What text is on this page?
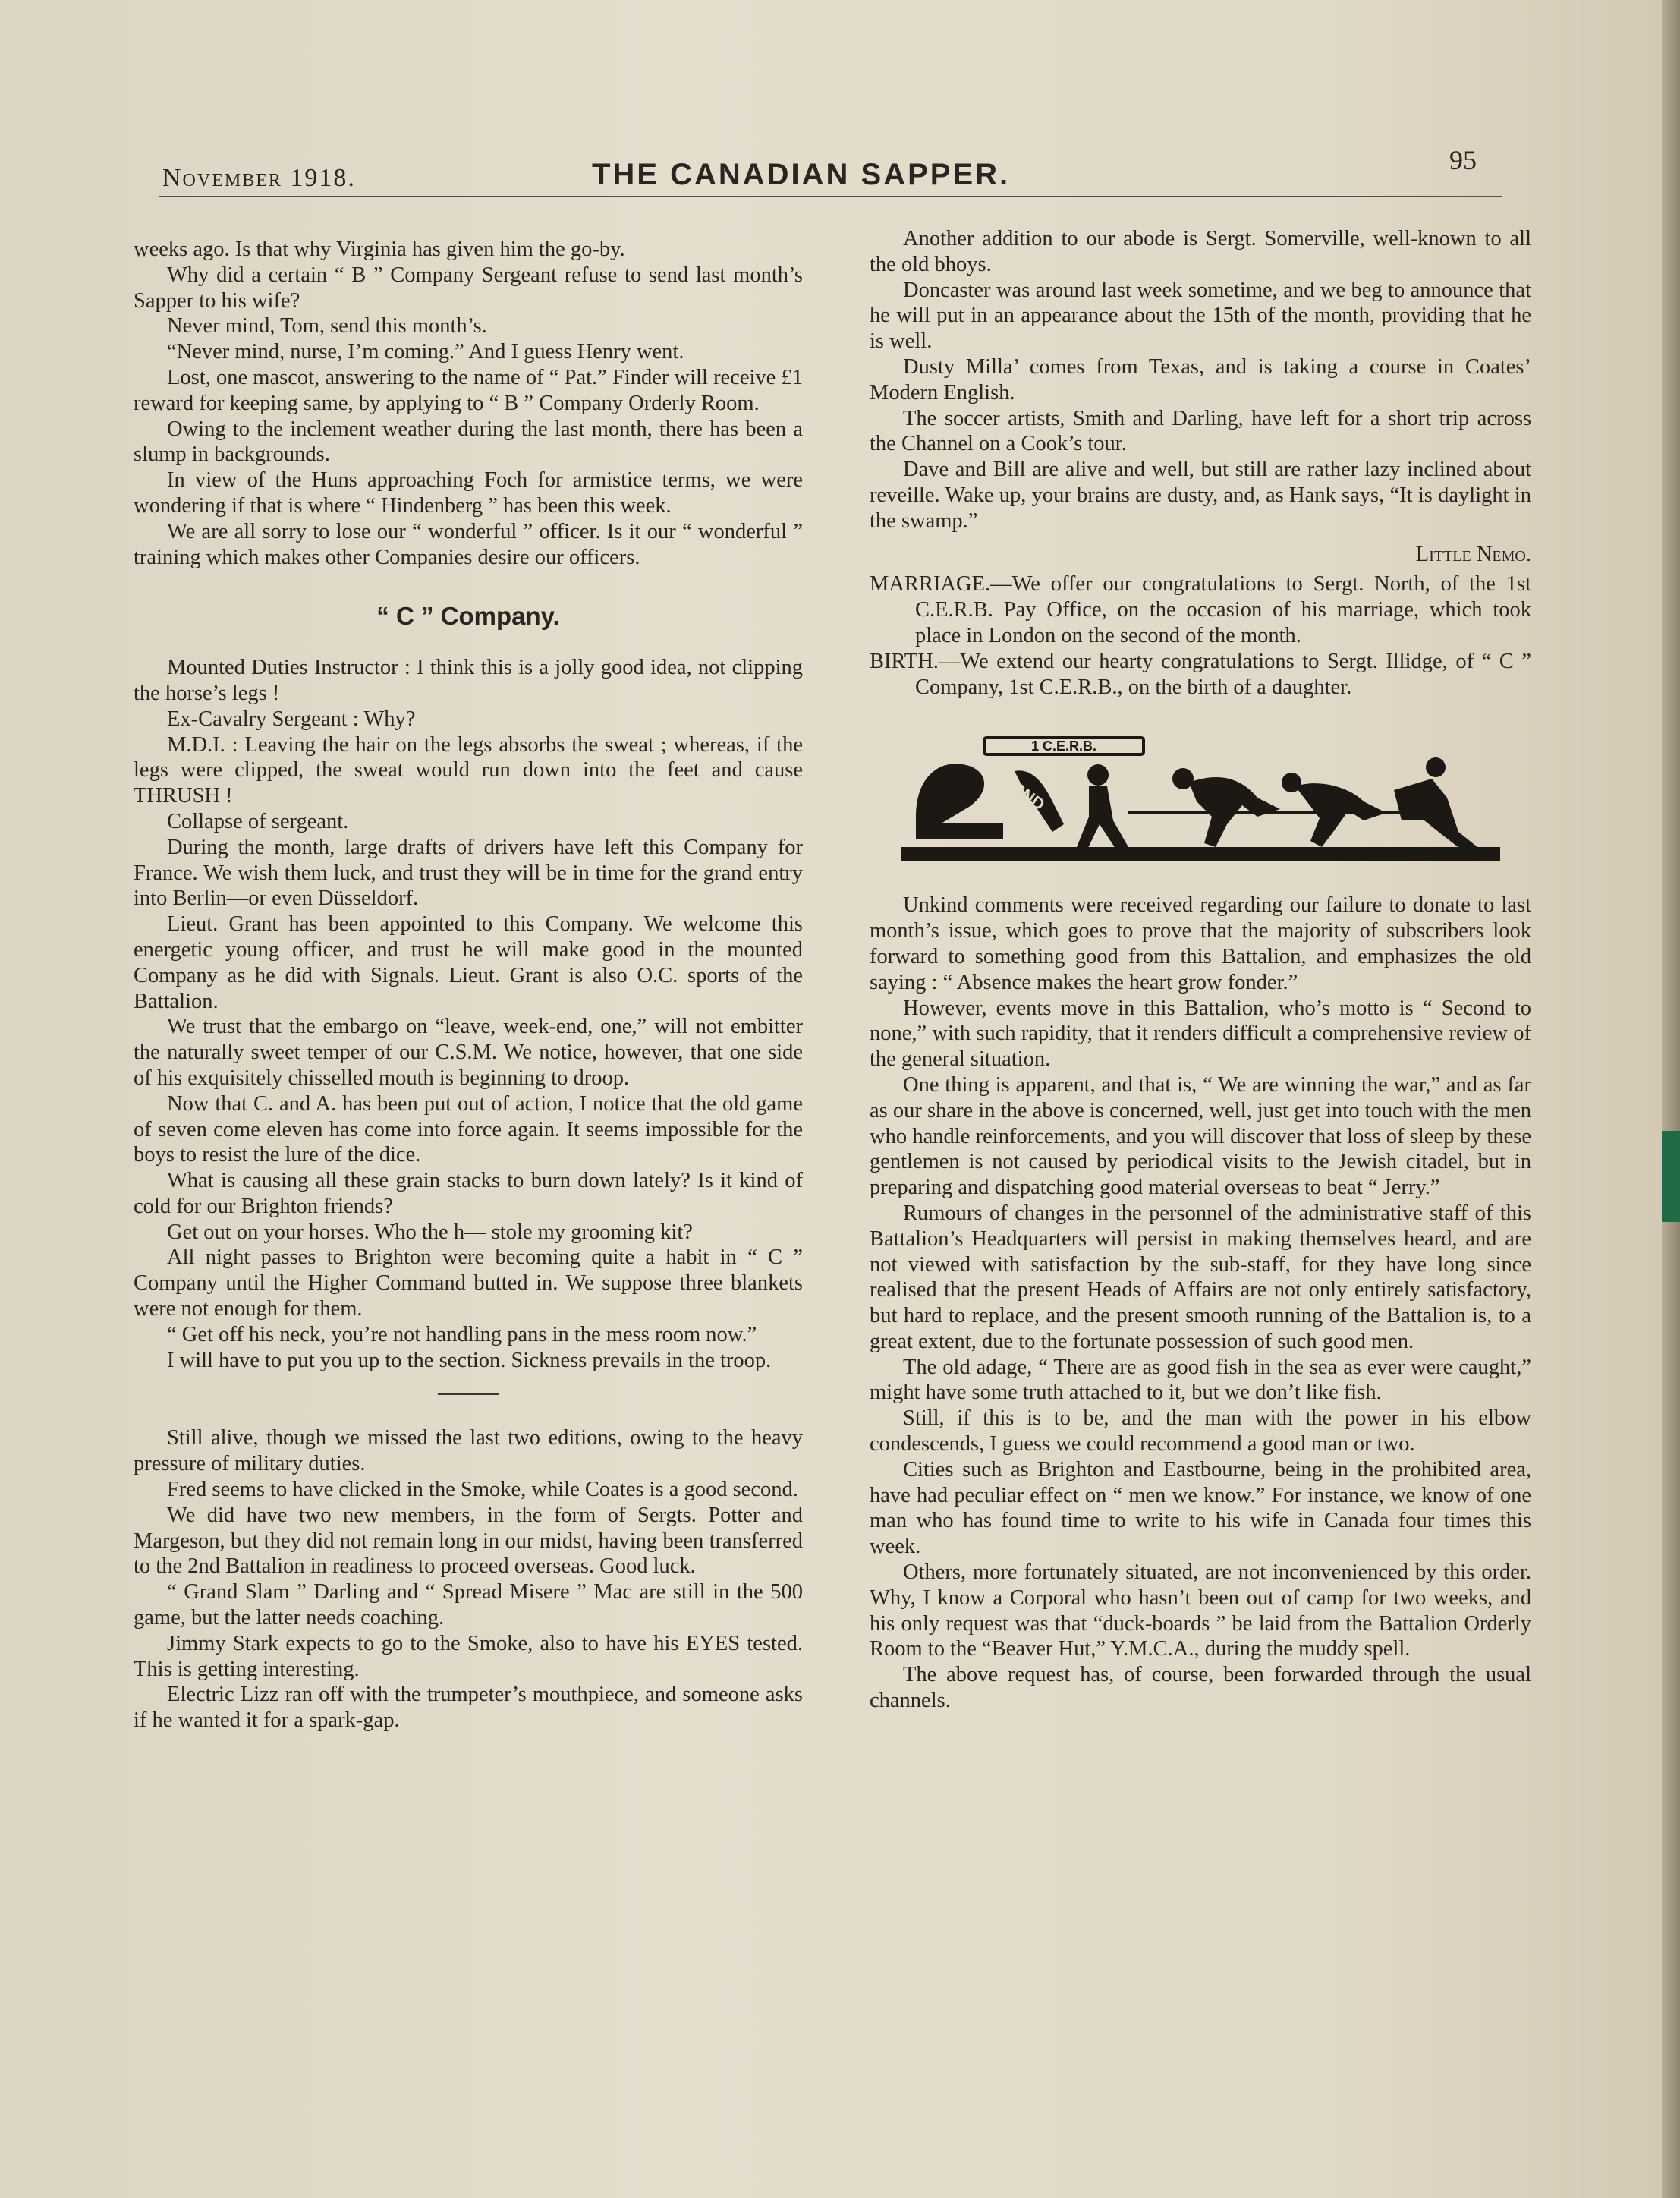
November 1918.	THE CANADIAN SAPPER.	95

weeks ago. Is that why Virginia has given him the go-by.

Why did a certain “ B ” Company Sergeant refuse to send last month’s Sapper to his wife?

Never mind, Tom, send this month’s.

“Never mind, nurse, I’m coming.” And I guess Henry went.

Lost, one mascot, answering to the name of “ Pat.” Finder will receive £1 reward for keeping same, by applying to “ B ” Company Orderly Room.

Owing to the inclement weather during the last month, there has been a slump in backgrounds.

In view of the Huns approaching Foch for armistice terms, we were wondering if that is where “ Hindenberg ” has been this week.

We are all sorry to lose our “ wonderful ” officer. Is it our “ wonderful ” training which makes other Companies desire our officers.

“ C ” Company.

Mounted Duties Instructor : I think this is a jolly good idea, not clipping the horse’s legs !

Ex-Cavalry Sergeant : Why?

M.D.I. : Leaving the hair on the legs absorbs the sweat ; whereas, if the legs were clipped, the sweat would run down into the feet and cause THRUSH !

Collapse of sergeant.

During the month, large drafts of drivers have left this Company for France. We wish them luck, and trust they will be in time for the grand entry into Berlin—or even Düsseldorf.

Lieut. Grant has been appointed to this Company. We welcome this energetic young officer, and trust he will make good in the mounted Company as he did with Signals. Lieut. Grant is also O.C. sports of the Battalion.

We trust that the embargo on “leave, week-end, one,” will not embitter the naturally sweet temper of our C.S.M. We notice, however, that one side of his exquisitely chisselled mouth is beginning to droop.

Now that C. and A. has been put out of action, I notice that the old game of seven come eleven has come into force again. It seems impossible for the boys to resist the lure of the dice.

What is causing all these grain stacks to burn down lately? Is it kind of cold for our Brighton friends?

Get out on your horses. Who the h— stole my grooming kit?

All night passes to Brighton were becoming quite a habit in “ C ” Company until the Higher Command butted in. We suppose three blankets were not enough for them.

“ Get off his neck, you’re not handling pans in the mess room now.”

I will have to put you up to the section. Sickness prevails in the troop.

Still alive, though we missed the last two editions, owing to the heavy pressure of military duties.

Fred seems to have clicked in the Smoke, while Coates is a good second.

We did have two new members, in the form of Sergts. Potter and Margeson, but they did not remain long in our midst, having been transferred to the 2nd Battalion in readiness to proceed overseas. Good luck.

“ Grand Slam ” Darling and “ Spread Misere ” Mac are still in the 500 game, but the latter needs coaching.

Jimmy Stark expects to go to the Smoke, also to have his EYES tested. This is getting interesting.

Electric Lizz ran off with the trumpeter’s mouthpiece, and someone asks if he wanted it for a spark-gap.

Another addition to our abode is Sergt. Somerville, well-known to all the old bhoys.

Doncaster was around last week sometime, and we beg to announce that he will put in an appearance about the 15th of the month, providing that he is well.

Dusty Milla’ comes from Texas, and is taking a course in Coates’ Modern English.

The soccer artists, Smith and Darling, have left for a short trip across the Channel on a Cook’s tour.

Dave and Bill are alive and well, but still are rather lazy inclined about reveille. Wake up, your brains are dusty, and, as Hank says, “It is daylight in the swamp.”

Little Nemo.

MARRIAGE.—We offer our congratulations to Sergt. North, of the 1st C.E.R.B. Pay Office, on the occasion of his marriage, which took place in London on the second of the month.

BIRTH.—We extend our hearty congratulations to Sergt. Illidge, of “ C ” Company, 1st C.E.R.B., on the birth of a daughter.

1 C.E.R.B.
2ND

Unkind comments were received regarding our failure to donate to last month’s issue, which goes to prove that the majority of subscribers look forward to something good from this Battalion, and emphasizes the old saying : “ Absence makes the heart grow fonder.”

However, events move in this Battalion, who’s motto is “ Second to none,” with such rapidity, that it renders difficult a comprehensive review of the general situation.

One thing is apparent, and that is, “ We are winning the war,” and as far as our share in the above is concerned, well, just get into touch with the men who handle reinforcements, and you will discover that loss of sleep by these gentlemen is not caused by periodical visits to the Jewish citadel, but in preparing and dispatching good material overseas to beat “ Jerry.”

Rumours of changes in the personnel of the administrative staff of this Battalion’s Headquarters will persist in making themselves heard, and are not viewed with satisfaction by the sub-staff, for they have long since realised that the present Heads of Affairs are not only entirely satisfactory, but hard to replace, and the present smooth running of the Battalion is, to a great extent, due to the fortunate possession of such good men.

The old adage, “ There are as good fish in the sea as ever were caught,” might have some truth attached to it, but we don’t like fish.

Still, if this is to be, and the man with the power in his elbow condescends, I guess we could recommend a good man or two.

Cities such as Brighton and Eastbourne, being in the prohibited area, have had peculiar effect on “ men we know.” For instance, we know of one man who has found time to write to his wife in Canada four times this week.

Others, more fortunately situated, are not inconvenienced by this order. Why, I know a Corporal who hasn’t been out of camp for two weeks, and his only request was that “duck-boards ” be laid from the Battalion Orderly Room to the “Beaver Hut,” Y.M.C.A., during the muddy spell.

The above request has, of course, been forwarded through the usual channels.
